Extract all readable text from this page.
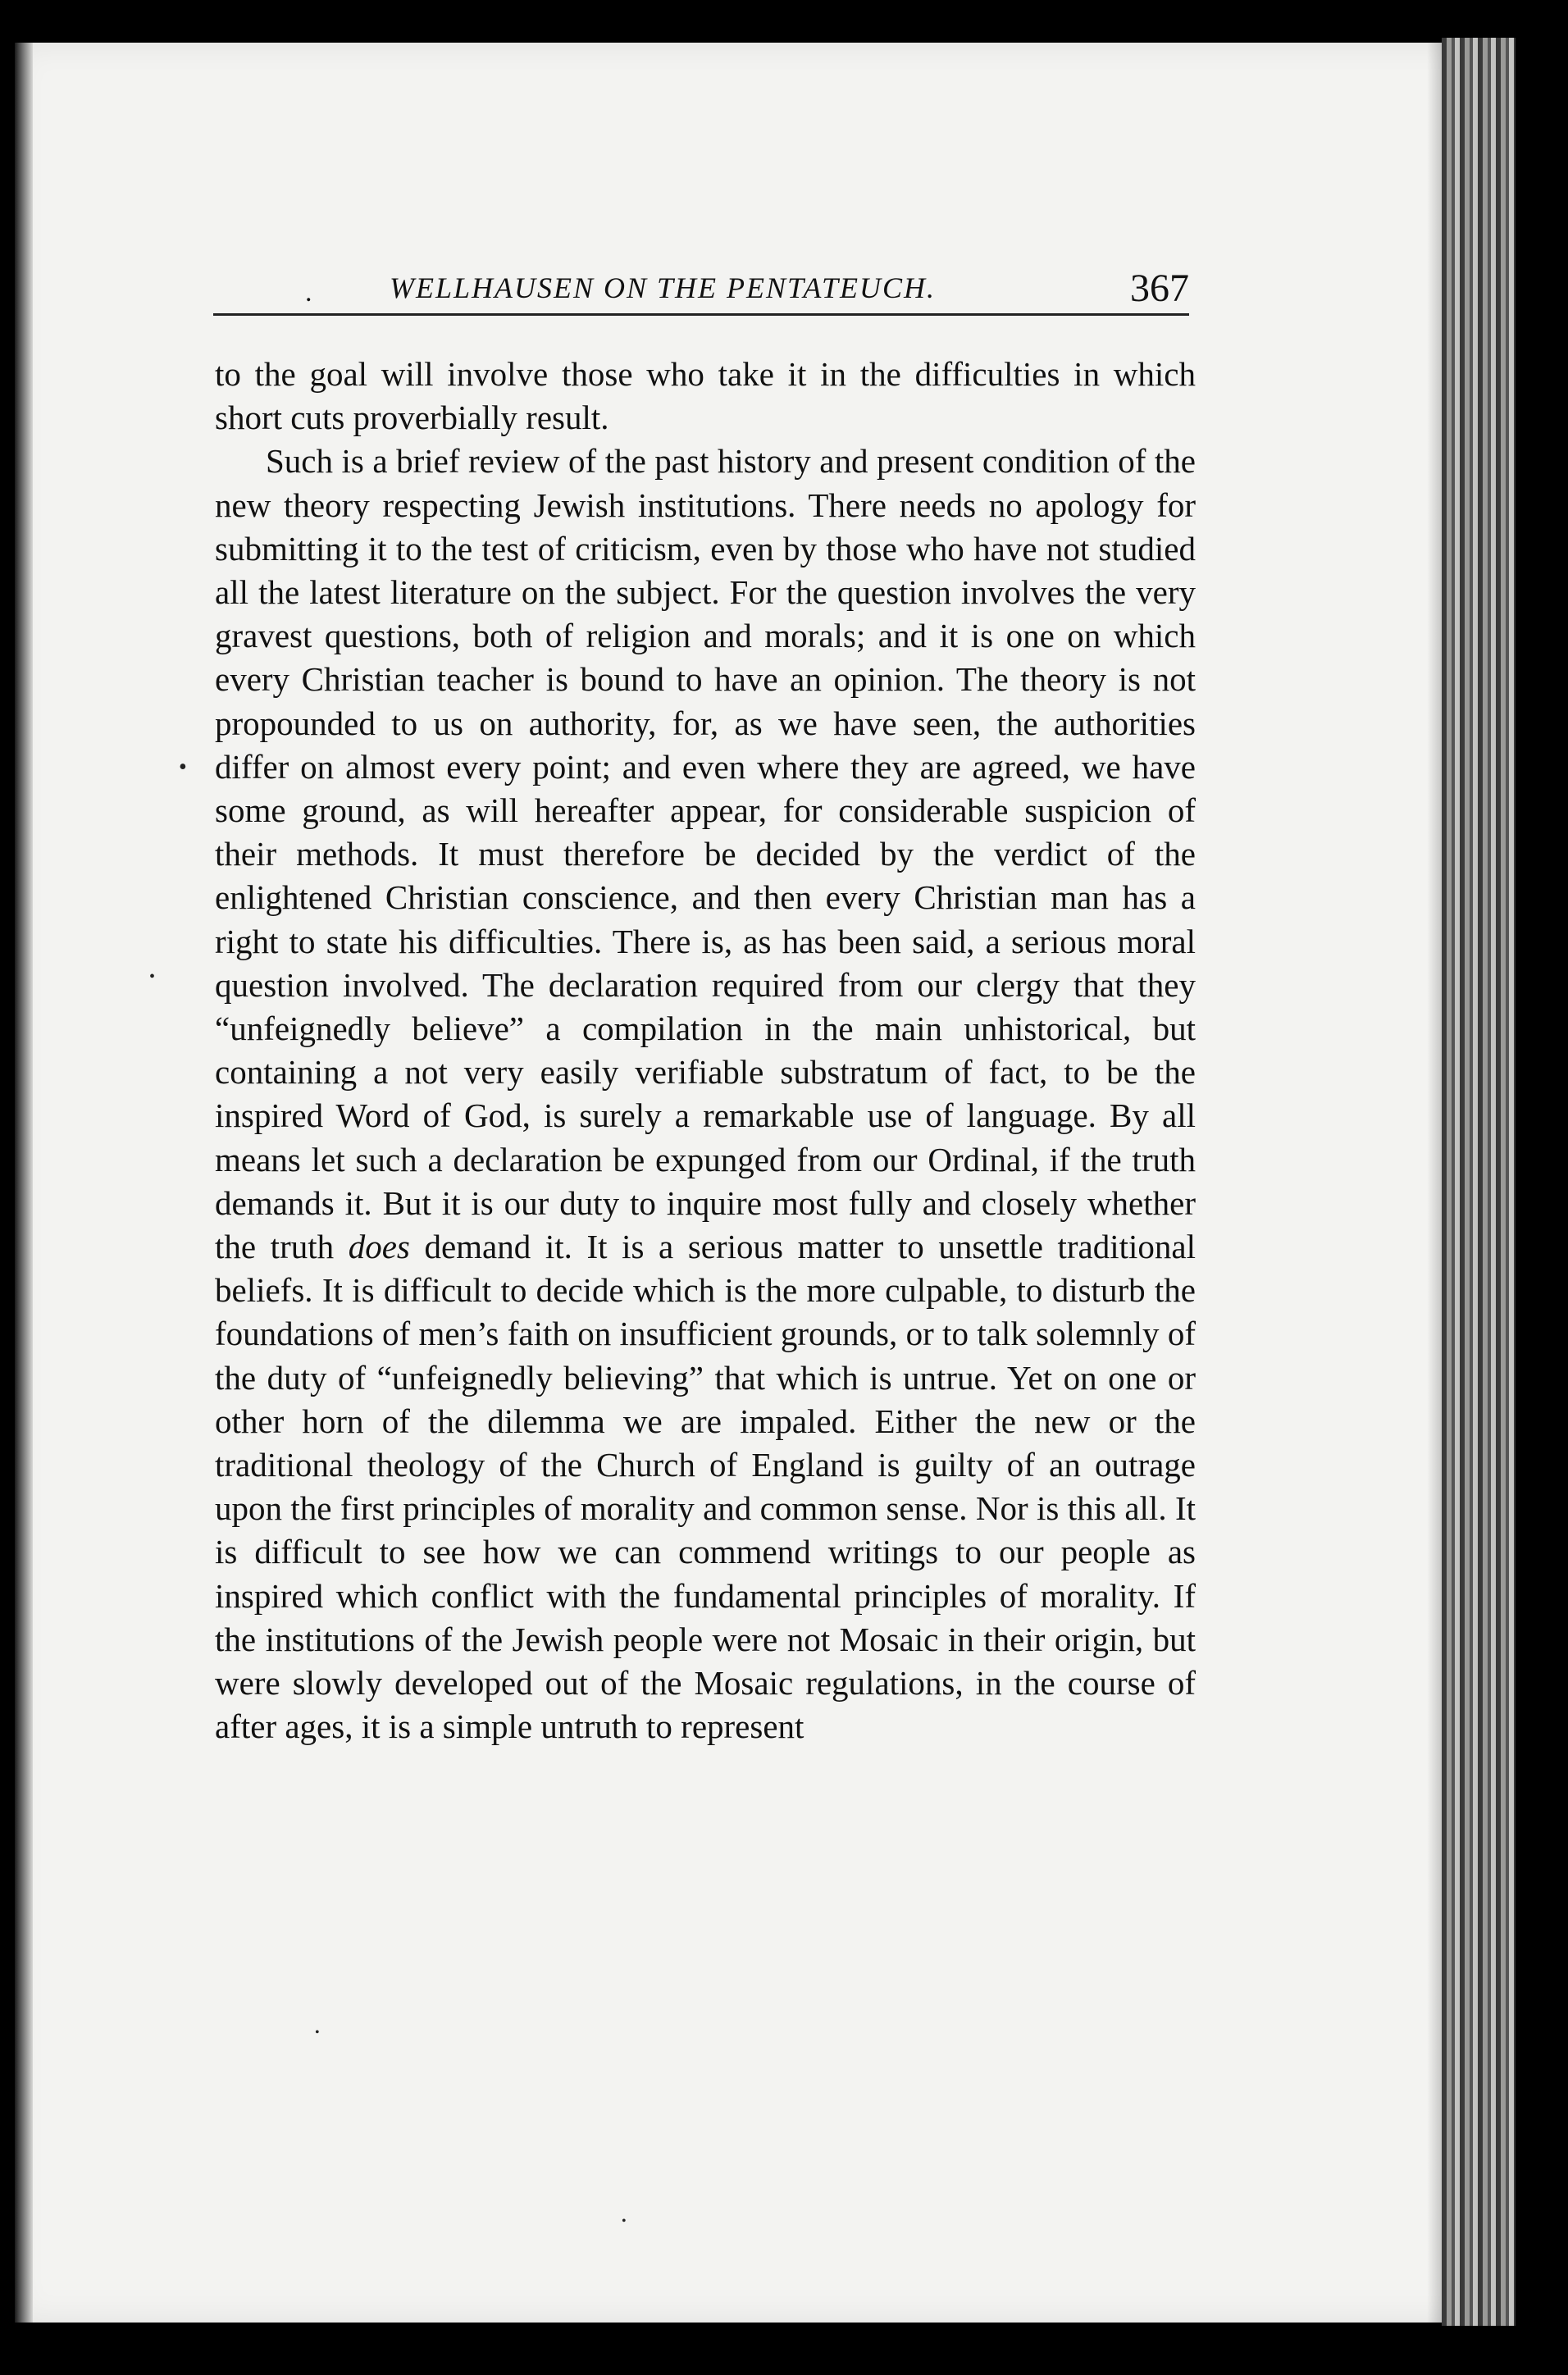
.	WELLHAUSEN ON THE PENTATEUCH.	367

to the goal will involve those who take it in the difficulties in which short cuts proverbially result.

Such is a brief review of the past history and present condition of the new theory respecting Jewish institutions. There needs no apology for submitting it to the test of criticism, even by those who have not studied all the latest literature on the subject. For the question involves the very gravest questions, both of religion and morals; and it is one on which every Christian teacher is bound to have an opinion. The theory is not propounded to us on authority, for, as we have seen, the authorities differ on almost every point; and even where they are agreed, we have some ground, as will hereafter appear, for considerable suspicion of their methods. It must therefore be decided by the verdict of the enlightened Christian conscience, and then every Christian man has a right to state his difficulties. There is, as has been said, a serious moral question involved. The declaration required from our clergy that they “unfeignedly believe” a compilation in the main unhistorical, but containing a not very easily verifiable substratum of fact, to be the inspired Word of God, is surely a remarkable use of language. By all means let such a declaration be expunged from our Ordinal, if the truth demands it. But it is our duty to inquire most fully and closely whether the truth does demand it. It is a serious matter to unsettle traditional beliefs. It is difficult to decide which is the more culpable, to disturb the foundations of men’s faith on insufficient grounds, or to talk solemnly of the duty of “unfeignedly believing” that which is untrue. Yet on one or other horn of the dilemma we are impaled. Either the new or the traditional theology of the Church of England is guilty of an outrage upon the first principles of morality and common sense. Nor is this all. It is difficult to see how we can commend writings to our people as inspired which conflict with the fundamental principles of morality. If the institutions of the Jewish people were not Mosaic in their origin, but were slowly developed out of the Mosaic regulations, in the course of after ages, it is a simple untruth to represent

•
•
•
•
